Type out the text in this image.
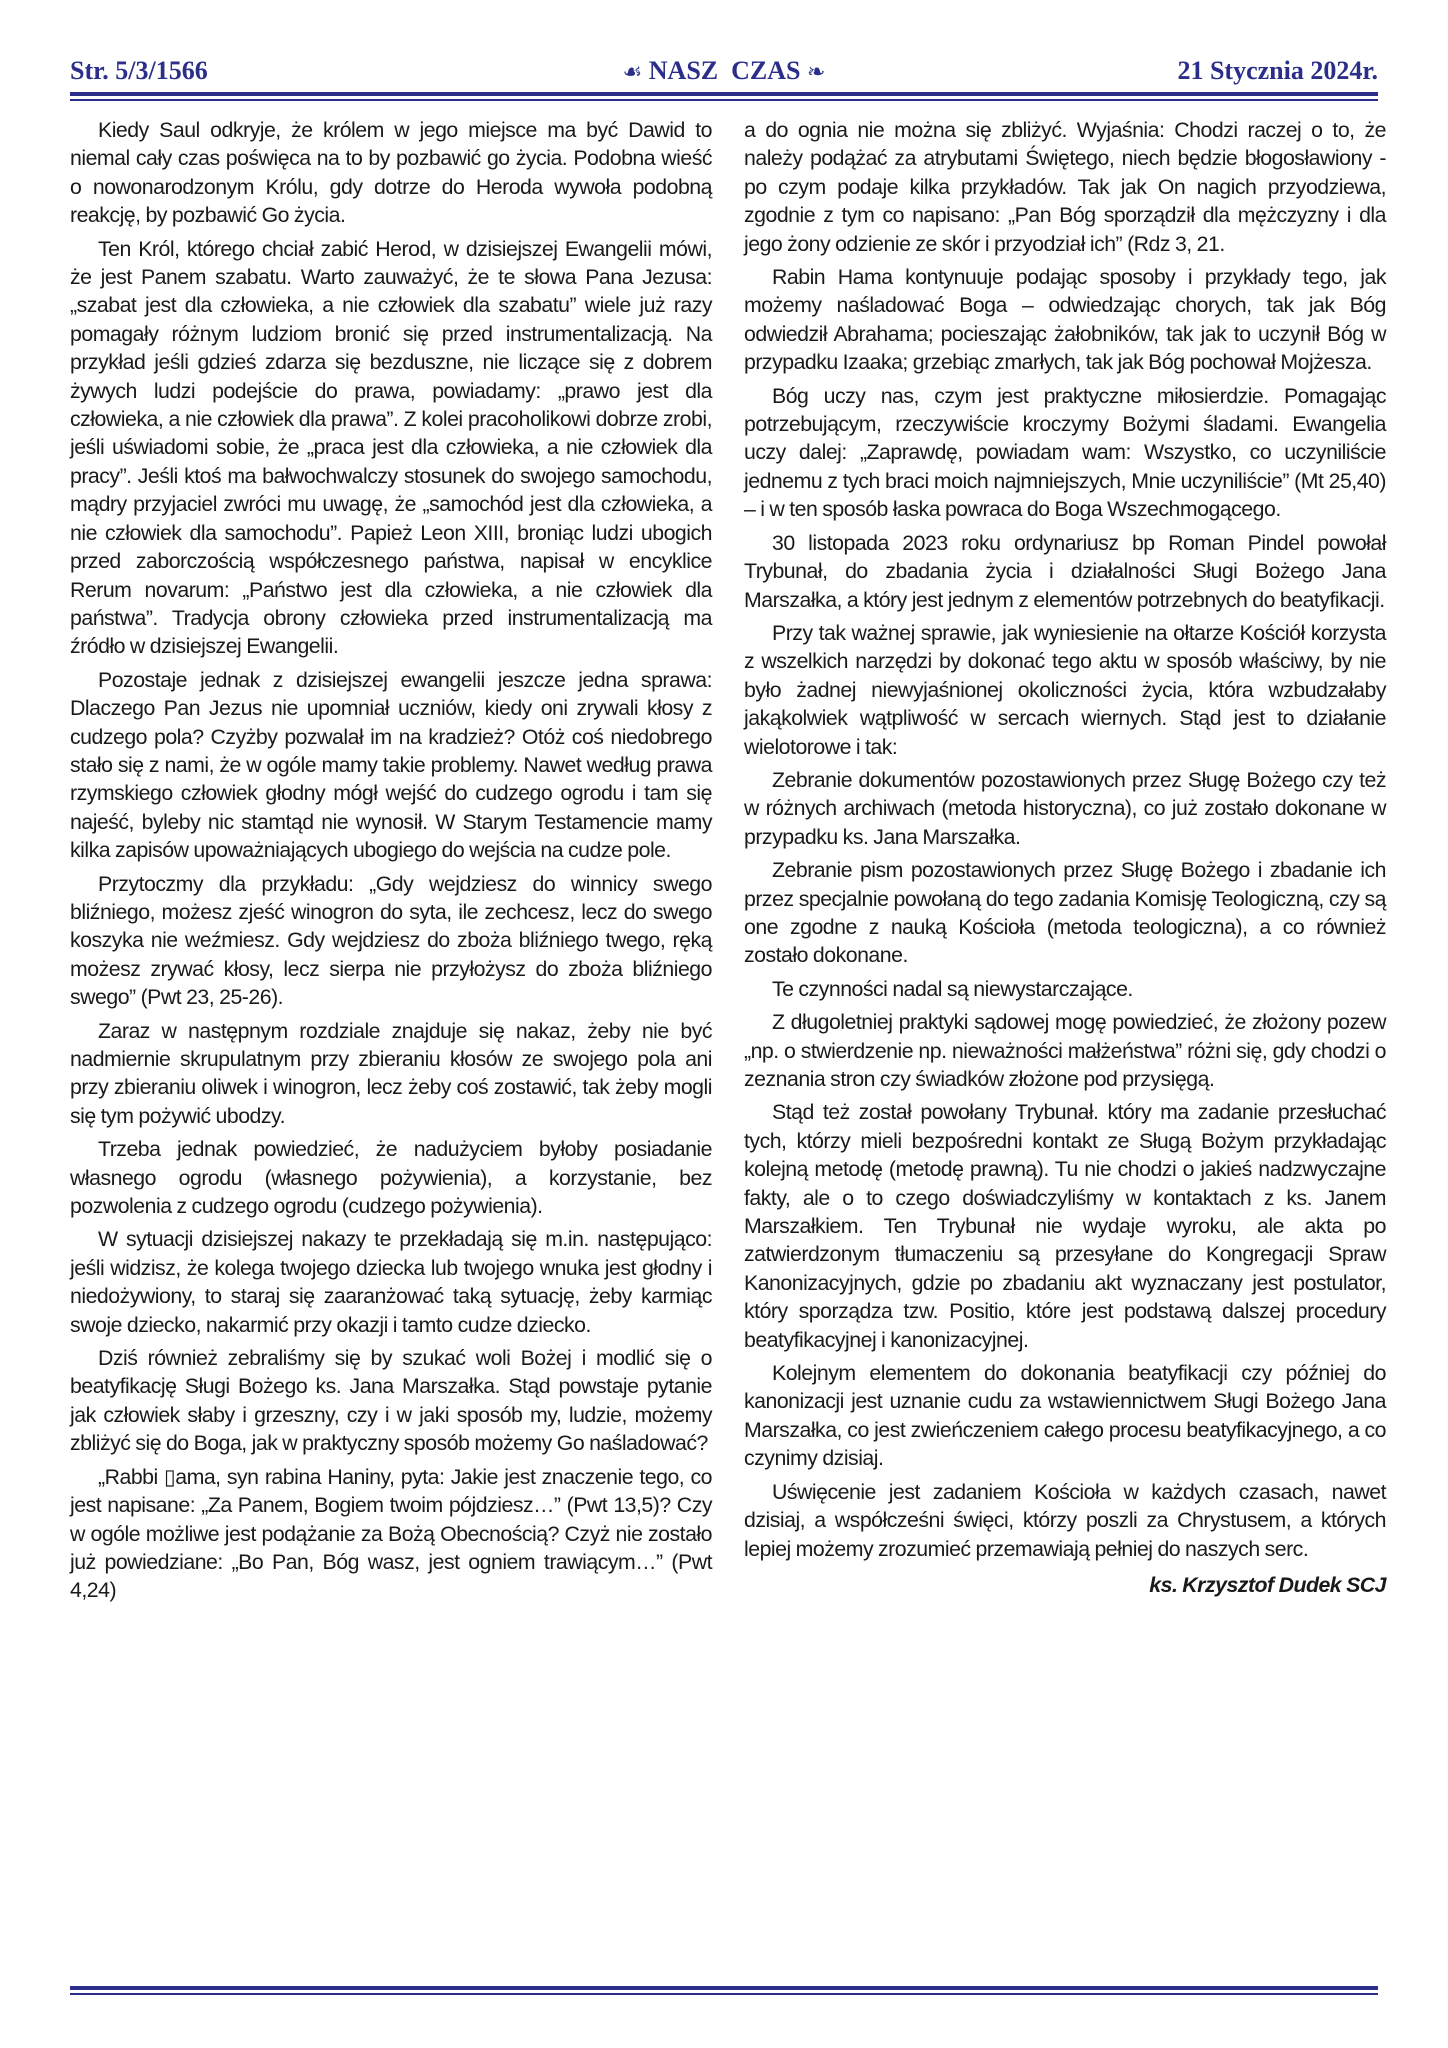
Str. 5/3/1566	☙ NASZ  CZAS ❧	21 Stycznia 2024r.

Kiedy Saul odkryje, że królem w jego miejsce ma być Dawid to niemal cały czas poświęca na to by pozbawić go życia. Podobna wieść o nowonarodzonym Królu, gdy dotrze do Heroda wywoła podobną reakcję, by pozbawić Go życia.

Ten Król, którego chciał zabić Herod, w dzisiejszej Ewangelii mówi, że jest Panem szabatu. Warto zauważyć, że te słowa Pana Jezusa: „szabat jest dla człowieka, a nie człowiek dla szabatu” wiele już razy pomagały różnym ludziom bronić się przed instrumentalizacją. Na przykład jeśli gdzieś zdarza się bezduszne, nie liczące się z dobrem żywych ludzi podejście do prawa, powiadamy: „prawo jest dla człowieka, a nie człowiek dla prawa”. Z kolei pracoholikowi dobrze zrobi, jeśli uświadomi sobie, że „praca jest dla człowieka, a nie człowiek dla pracy”. Jeśli ktoś ma bałwochwalczy stosunek do swojego samochodu, mądry przyjaciel zwróci mu uwagę, że „samochód jest dla człowieka, a nie człowiek dla samochodu”. Papież Leon XIII, broniąc ludzi ubogich przed zaborczością współczesnego państwa, napisał w encyklice Rerum novarum: „Państwo jest dla człowieka, a nie człowiek dla państwa”. Tradycja obrony człowieka przed instrumentalizacją ma źródło w dzisiejszej Ewangelii.

Pozostaje jednak z dzisiejszej ewangelii jeszcze jedna sprawa: Dlaczego Pan Jezus nie upomniał uczniów, kiedy oni zrywali kłosy z cudzego pola? Czyżby pozwalał im na kradzież? Otóż coś niedobrego stało się z nami, że w ogóle mamy takie problemy. Nawet według prawa rzymskiego człowiek głodny mógł wejść do cudzego ogrodu i tam się najeść, byleby nic stamtąd nie wynosił. W Starym Testamencie mamy kilka zapisów upoważniających ubogiego do wejścia na cudze pole.

Przytoczmy dla przykładu: „Gdy wejdziesz do winnicy swego bliźniego, możesz zjeść winogron do syta, ile zechcesz, lecz do swego koszyka nie weźmiesz. Gdy wejdziesz do zboża bliźniego twego, ręką możesz zrywać kłosy, lecz sierpa nie przyłożysz do zboża bliźniego swego” (Pwt 23, 25-26).

Zaraz w następnym rozdziale znajduje się nakaz, żeby nie być nadmiernie skrupulatnym przy zbieraniu kłosów ze swojego pola ani przy zbieraniu oliwek i winogron, lecz żeby coś zostawić, tak żeby mogli się tym pożywić ubodzy.

Trzeba jednak powiedzieć, że nadużyciem byłoby posiadanie własnego ogrodu (własnego pożywienia), a korzystanie, bez pozwolenia z cudzego ogrodu (cudzego pożywienia).

W sytuacji dzisiejszej nakazy te przekładają się m.in. następująco: jeśli widzisz, że kolega twojego dziecka lub twojego wnuka jest głodny i niedożywiony, to staraj się zaaranżować taką sytuację, żeby karmiąc swoje dziecko, nakarmić przy okazji i tamto cudze dziecko.

Dziś również zebraliśmy się by szukać woli Bożej i modlić się o beatyfikację Sługi Bożego ks. Jana Marszałka. Stąd powstaje pytanie jak człowiek słaby i grzeszny, czy i w jaki sposób my, ludzie, możemy zbliżyć się do Boga, jak w praktyczny sposób możemy Go naśladować?

„Rabbi ▯ama, syn rabina Haniny, pyta: Jakie jest znaczenie tego, co jest napisane: „Za Panem, Bogiem twoim pójdziesz…” (Pwt 13,5)? Czy w ogóle możliwe jest podążanie za Bożą Obecnością? Czyż nie zostało już powiedziane: „Bo Pan, Bóg wasz, jest ogniem trawiącym…” (Pwt 4,24)

a do ognia nie można się zbliżyć. Wyjaśnia: Chodzi raczej o to, że należy podążać za atrybutami Świętego, niech będzie błogosławiony - po czym podaje kilka przykładów. Tak jak On nagich przyodziewa, zgodnie z tym co napisano: „Pan Bóg sporządził dla mężczyzny i dla jego żony odzienie ze skór i przyodział ich” (Rdz 3, 21.

Rabin Hama kontynuuje podając sposoby i przykłady tego, jak możemy naśladować Boga – odwiedzając chorych, tak jak Bóg odwiedził Abrahama; pocieszając żałobników, tak jak to uczynił Bóg w przypadku Izaaka; grzebiąc zmarłych, tak jak Bóg pochował Mojżesza.

Bóg uczy nas, czym jest praktyczne miłosierdzie. Pomagając potrzebującym, rzeczywiście kroczymy Bożymi śladami. Ewangelia uczy dalej: „Zaprawdę, powiadam wam: Wszystko, co uczyniliście jednemu z tych braci moich najmniejszych, Mnie uczyniliście” (Mt 25,40) – i w ten sposób łaska powraca do Boga Wszechmogącego.

30 listopada 2023 roku ordynariusz bp Roman Pindel powołał Trybunał, do zbadania życia i działalności Sługi Bożego Jana Marszałka, a który jest jednym z elementów potrzebnych do beatyfikacji.

Przy tak ważnej sprawie, jak wyniesienie na ołtarze Kościół korzysta z wszelkich narzędzi by dokonać tego aktu w sposób właściwy, by nie było żadnej niewyjaśnionej okoliczności życia, która wzbudzałaby jakąkolwiek wątpliwość w sercach wiernych. Stąd jest to działanie wielotorowe i tak:

Zebranie dokumentów pozostawionych przez Sługę Bożego czy też w różnych archiwach (metoda historyczna), co już zostało dokonane w przypadku ks. Jana Marszałka.

Zebranie pism pozostawionych przez Sługę Bożego i zbadanie ich przez specjalnie powołaną do tego zadania Komisję Teologiczną, czy są one zgodne z nauką Kościoła (metoda teologiczna), a co również zostało dokonane.

Te czynności nadal są niewystarczające.

Z długoletniej praktyki sądowej mogę powiedzieć, że złożony pozew „np. o stwierdzenie np. nieważności małżeństwa” różni się, gdy chodzi o zeznania stron czy świadków złożone pod przysięgą.

Stąd też został powołany Trybunał. który ma zadanie przesłuchać tych, którzy mieli bezpośredni kontakt ze Sługą Bożym przykładając kolejną metodę (metodę prawną). Tu nie chodzi o jakieś nadzwyczajne fakty, ale o to czego doświadczyliśmy w kontaktach z ks. Janem Marszałkiem. Ten Trybunał nie wydaje wyroku, ale akta po zatwierdzonym tłumaczeniu są przesyłane do Kongregacji Spraw Kanonizacyjnych, gdzie po zbadaniu akt wyznaczany jest postulator, który sporządza tzw. Positio, które jest podstawą dalszej procedury beatyfikacyjnej i kanonizacyjnej.

Kolejnym elementem do dokonania beatyfikacji czy później do kanonizacji jest uznanie cudu za wstawiennictwem Sługi Bożego Jana Marszałka, co jest zwieńczeniem całego procesu beatyfikacyjnego, a co czynimy dzisiaj.

Uświęcenie jest zadaniem Kościoła w każdych czasach, nawet dzisiaj, a współcześni święci, którzy poszli za Chrystusem, a których lepiej możemy zrozumieć przemawiają pełniej do naszych serc.

ks. Krzysztof Dudek SCJ
